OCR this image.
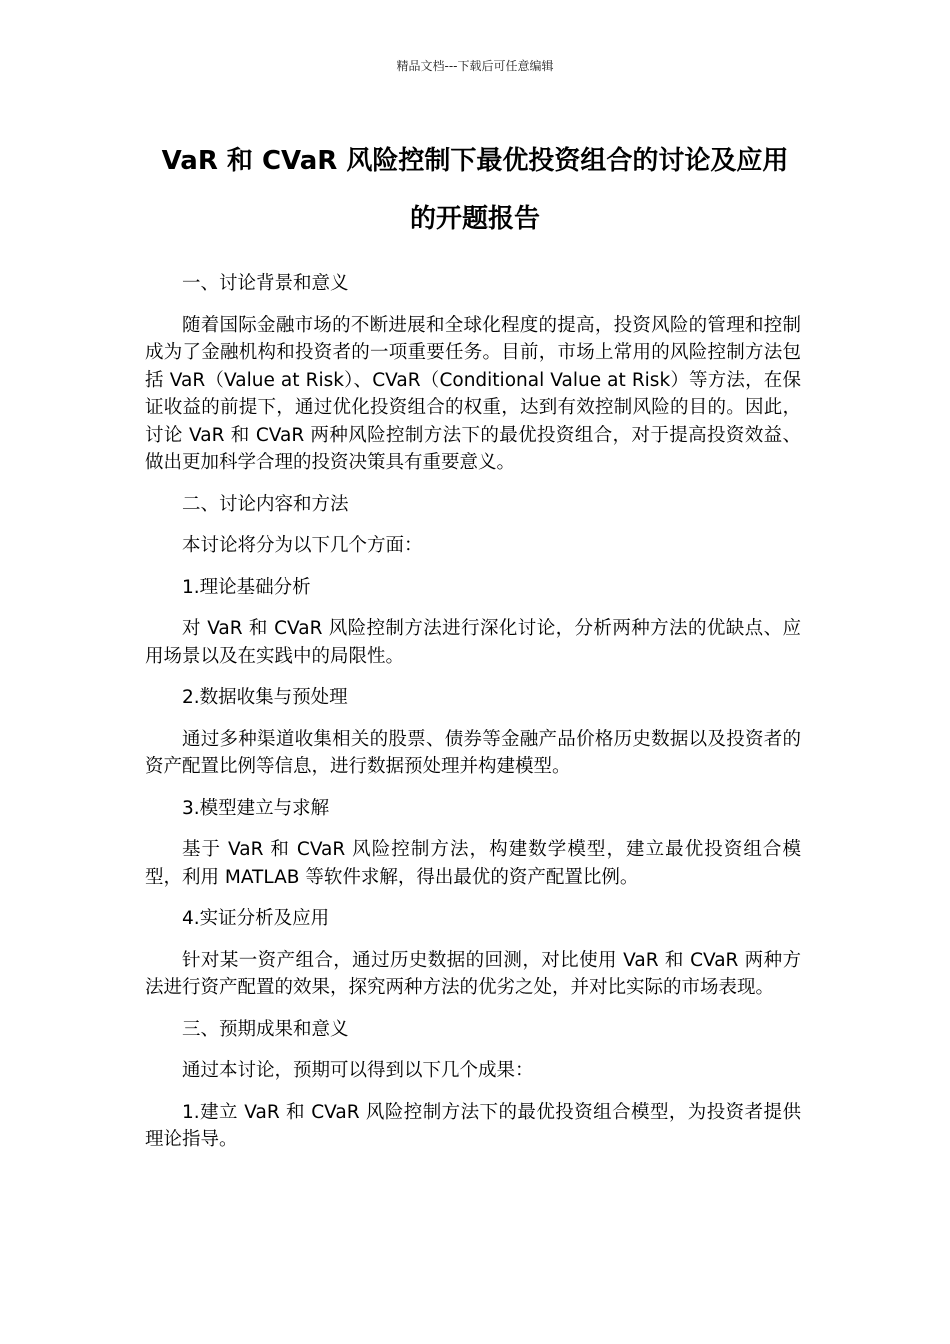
精品文档---下载后可任意编辑
VaR 和 CVaR 风险控制下最优投资组合的讨论及应用的开题报告

一、讨论背景和意义

随着国际金融市场的不断进展和全球化程度的提高，投资风险的管理和控制成为了金融机构和投资者的一项重要任务。目前，市场上常用的风险控制方法包括 VaR（Value at Risk）、CVaR（Conditional Value at Risk）等方法，在保证收益的前提下，通过优化投资组合的权重，达到有效控制风险的目的。因此，讨论 VaR 和 CVaR 两种风险控制方法下的最优投资组合，对于提高投资效益、做出更加科学合理的投资决策具有重要意义。

二、讨论内容和方法

本讨论将分为以下几个方面：

1.理论基础分析

对 VaR 和 CVaR 风险控制方法进行深化讨论，分析两种方法的优缺点、应用场景以及在实践中的局限性。

2.数据收集与预处理

通过多种渠道收集相关的股票、债券等金融产品价格历史数据以及投资者的资产配置比例等信息，进行数据预处理并构建模型。

3.模型建立与求解

基于 VaR 和 CVaR 风险控制方法，构建数学模型，建立最优投资组合模型，利用 MATLAB 等软件求解，得出最优的资产配置比例。

4.实证分析及应用

针对某一资产组合，通过历史数据的回测，对比使用 VaR 和 CVaR 两种方法进行资产配置的效果，探究两种方法的优劣之处，并对比实际的市场表现。

三、预期成果和意义

通过本讨论，预期可以得到以下几个成果：

1.建立 VaR 和 CVaR 风险控制方法下的最优投资组合模型，为投资者提供理论指导。
